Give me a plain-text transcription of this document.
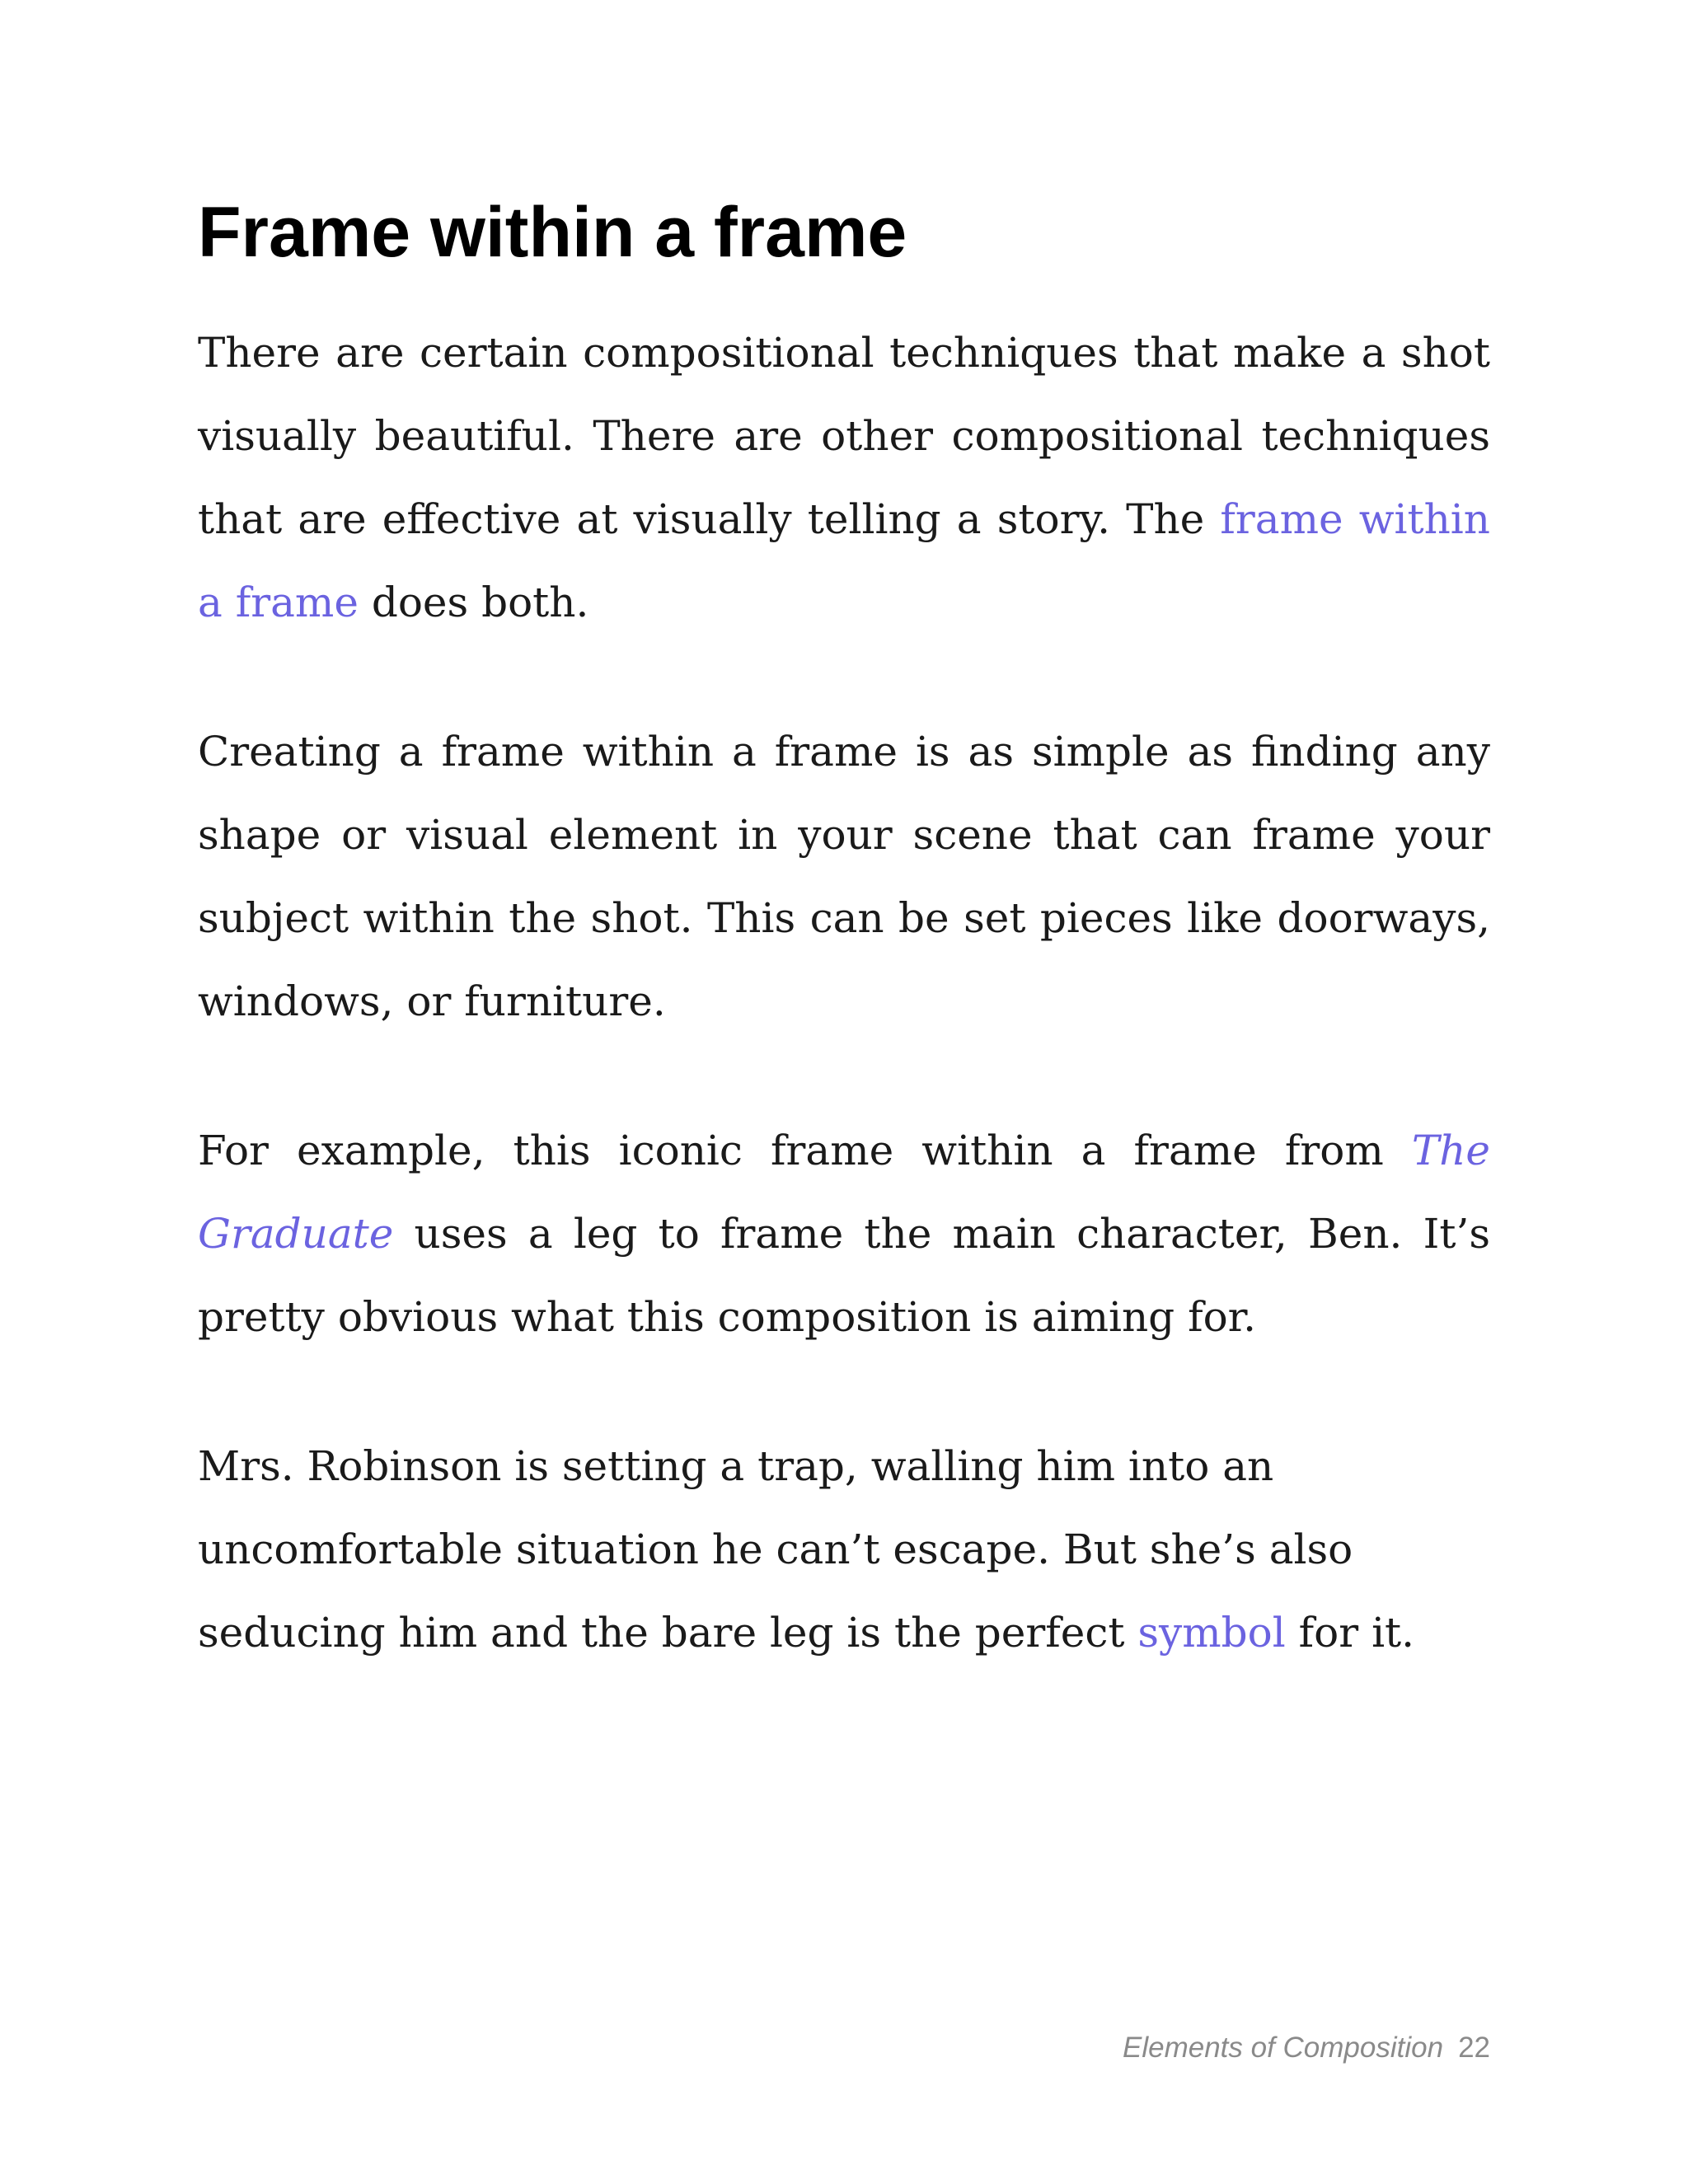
Frame within a frame

There are certain compositional techniques that make a shot visually beautiful. There are other compositional techniques that are effective at visually telling a story. The frame within a frame does both.

Creating a frame within a frame is as simple as finding any shape or visual element in your scene that can frame your subject within the shot. This can be set pieces like doorways, windows, or furniture.

For example, this iconic frame within a frame from The Graduate uses a leg to frame the main character, Ben. It’s pretty obvious what this composition is aiming for.

Mrs. Robinson is setting a trap, walling him into an uncomfortable situation he can’t escape. But she’s also seducing him and the bare leg is the perfect symbol for it.

Elements of Composition 22
